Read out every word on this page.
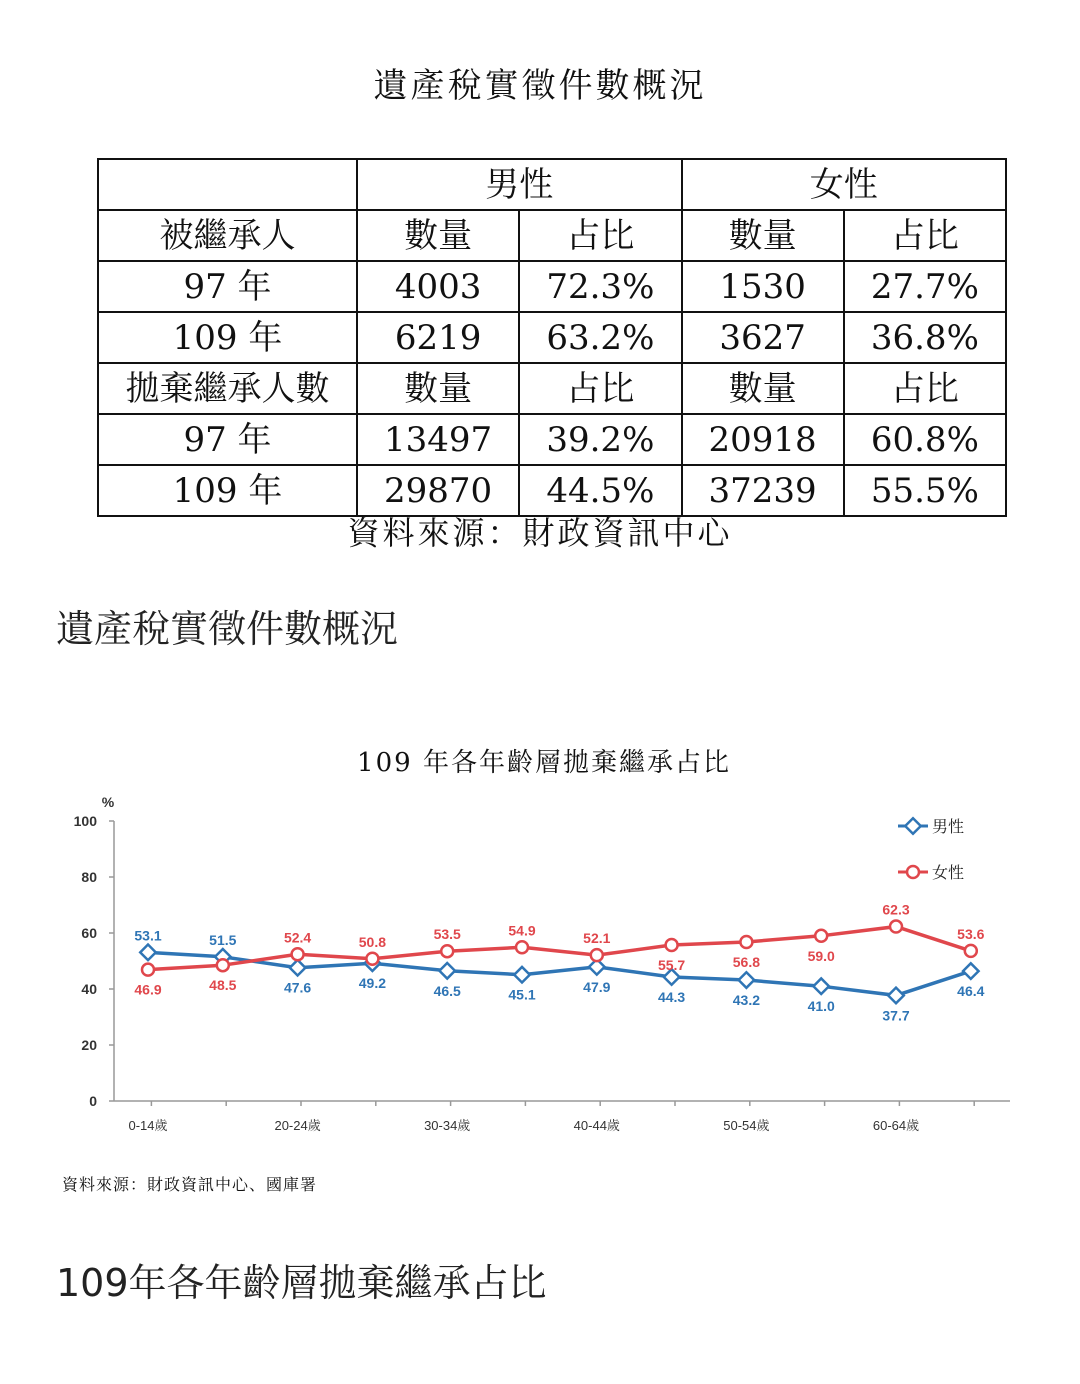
遺產稅實徵件數概況
	男性		女性	
被繼承人	數量	占比	數量	占比
97 年	4003	72.3%	1530	27.7%
109 年	6219	63.2%	3627	36.8%
拋棄繼承人數	數量	占比	數量	占比
97 年	13497	39.2%	20918	60.8%
109 年	29870	44.5%	37239	55.5%
資料來源：財政資訊中心
遺產稅實徵件數概況
109 年各年齡層拋棄繼承占比
0
20
40
60
80
100
%
0-14歲	20-24歲	30-34歲	40-44歲	50-54歲	60-64歲
53.1	51.5
47.6	49.2	46.5	45.1	47.9
44.3	43.2	41.0
37.7
46.4
46.9	48.5
52.4	50.8	53.5	54.9	52.1
55.7	56.8	59.0
62.3
53.6
男性
女性
資料來源：財政資訊中心、國庫署
109年各年齡層拋棄繼承占比
